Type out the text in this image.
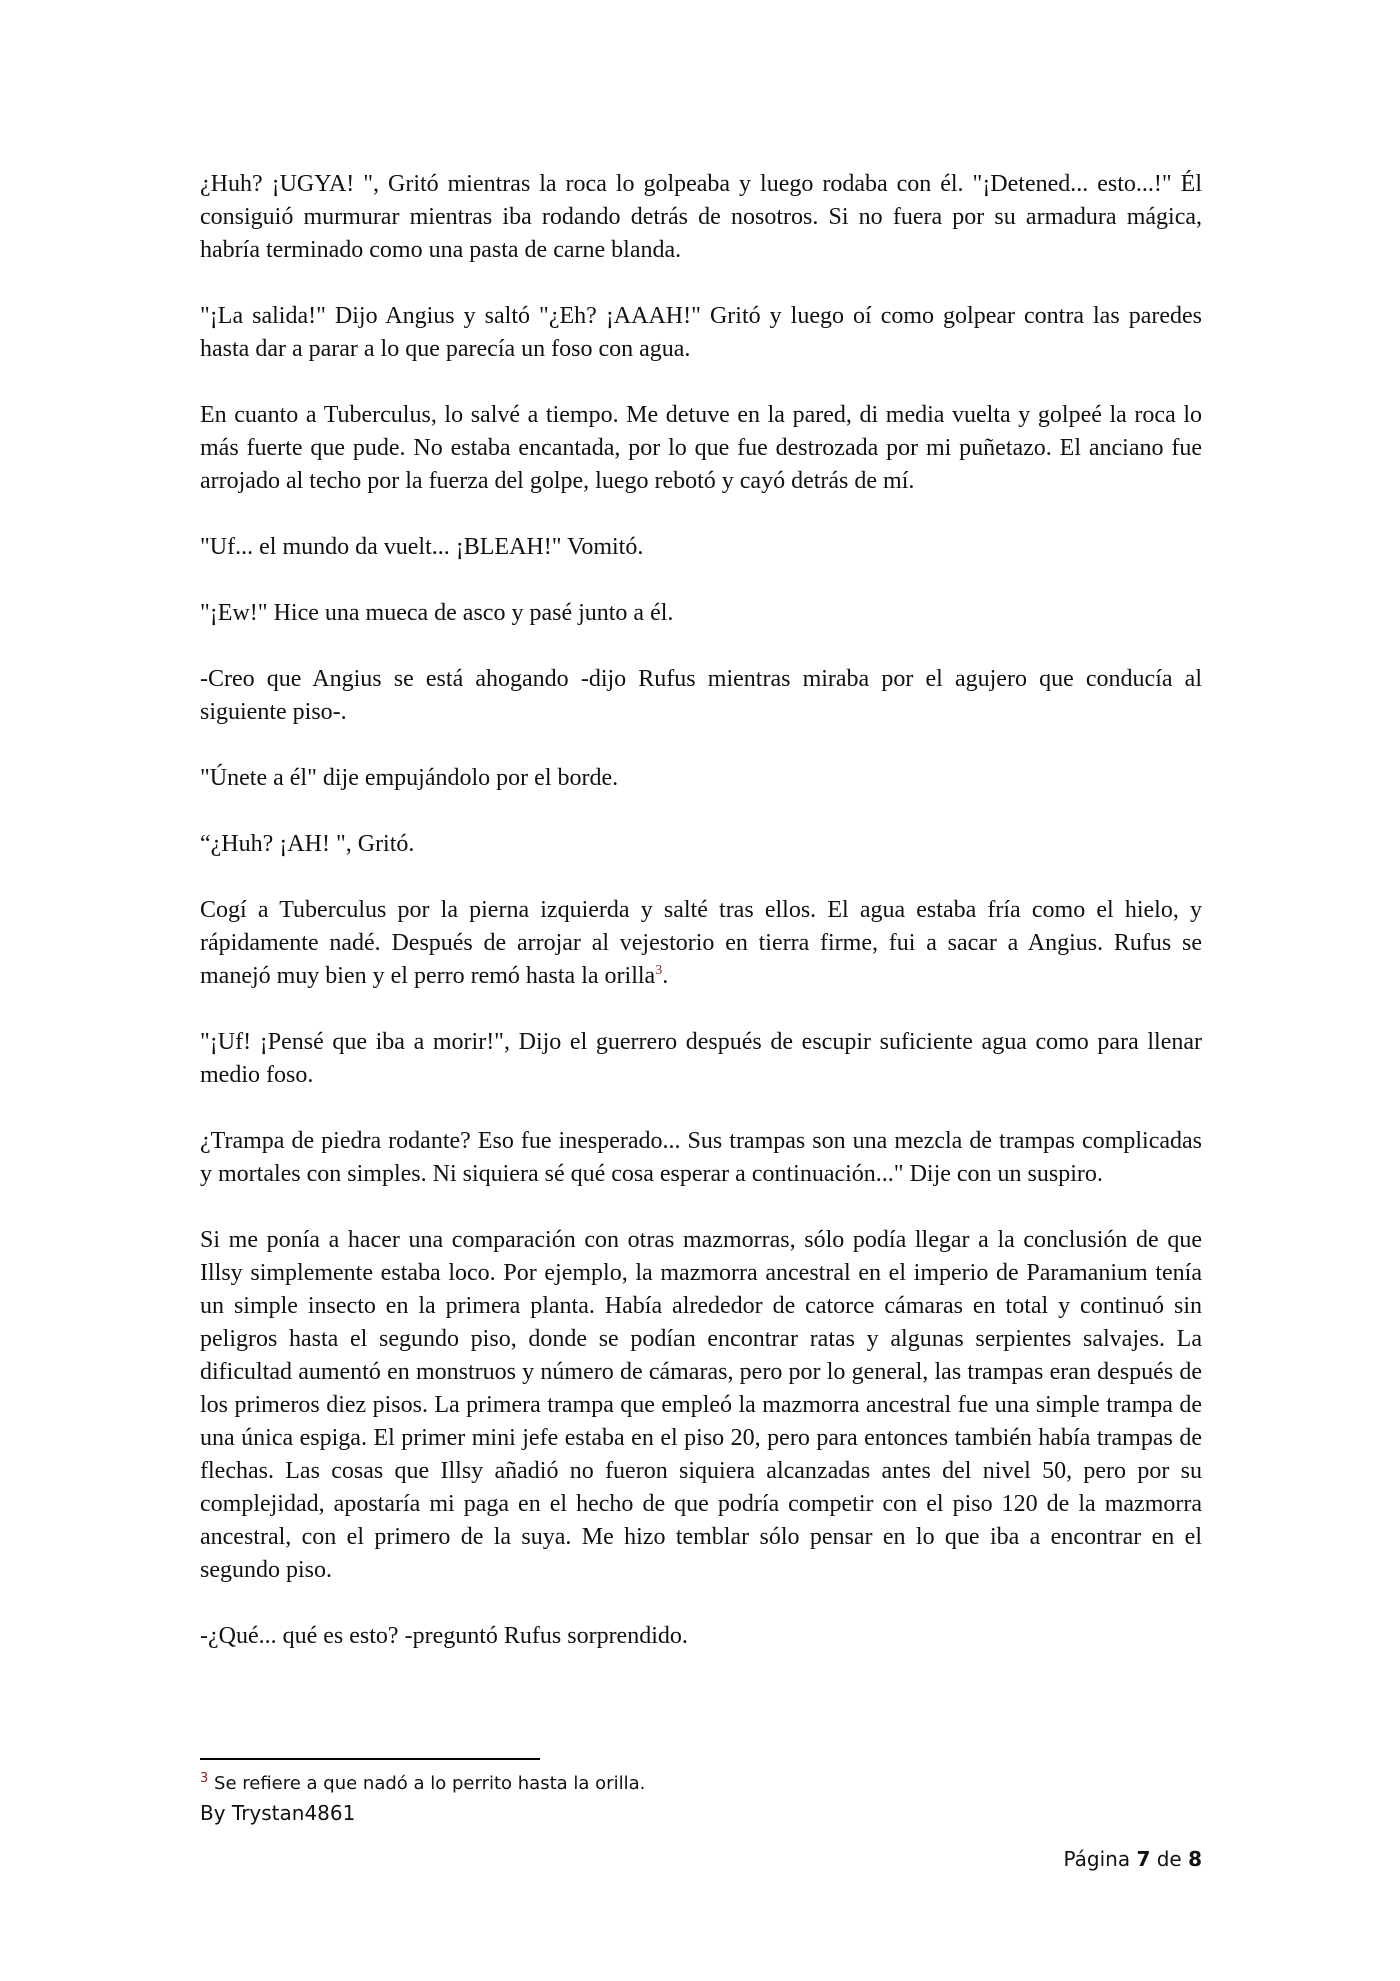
¿Huh? ¡UGYA! ", Gritó mientras la roca lo golpeaba y luego rodaba con él. "¡Detened... esto...!" Él consiguió murmurar mientras iba rodando detrás de nosotros. Si no fuera por su armadura mágica, habría terminado como una pasta de carne blanda.

"¡La salida!" Dijo Angius y saltó "¿Eh? ¡AAAH!" Gritó y luego oí como golpear contra las paredes hasta dar a parar a lo que parecía un foso con agua.

En cuanto a Tuberculus, lo salvé a tiempo. Me detuve en la pared, di media vuelta y golpeé la roca lo más fuerte que pude. No estaba encantada, por lo que fue destrozada por mi puñetazo. El anciano fue arrojado al techo por la fuerza del golpe, luego rebotó y cayó detrás de mí.

"Uf... el mundo da vuelt... ¡BLEAH!" Vomitó.

"¡Ew!" Hice una mueca de asco y pasé junto a él.

-Creo que Angius se está ahogando -dijo Rufus mientras miraba por el agujero que conducía al siguiente piso-.

"Únete a él" dije empujándolo por el borde.

“¿Huh? ¡AH! ", Gritó.

Cogí a Tuberculus por la pierna izquierda y salté tras ellos. El agua estaba fría como el hielo, y rápidamente nadé. Después de arrojar al vejestorio en tierra firme, fui a sacar a Angius. Rufus se manejó muy bien y el perro remó hasta la orilla$^3$.

"¡Uf! ¡Pensé que iba a morir!", Dijo el guerrero después de escupir suficiente agua como para llenar medio foso.

¿Trampa de piedra rodante? Eso fue inesperado... Sus trampas son una mezcla de trampas complicadas y mortales con simples. Ni siquiera sé qué cosa esperar a continuación..." Dije con un suspiro.

Si me ponía a hacer una comparación con otras mazmorras, sólo podía llegar a la conclusión de que Illsy simplemente estaba loco. Por ejemplo, la mazmorra ancestral en el imperio de Paramanium tenía un simple insecto en la primera planta. Había alrededor de catorce cámaras en total y continuó sin peligros hasta el segundo piso, donde se podían encontrar ratas y algunas serpientes salvajes. La dificultad aumentó en monstruos y número de cámaras, pero por lo general, las trampas eran después de los primeros diez pisos. La primera trampa que empleó la mazmorra ancestral fue una simple trampa de una única espiga. El primer mini jefe estaba en el piso 20, pero para entonces también había trampas de flechas. Las cosas que Illsy añadió no fueron siquiera alcanzadas antes del nivel 50, pero por su complejidad, apostaría mi paga en el hecho de que podría competir con el piso 120 de la mazmorra ancestral, con el primero de la suya. Me hizo temblar sólo pensar en lo que iba a encontrar en el segundo piso.

-¿Qué... qué es esto? -preguntó Rufus sorprendido.

$^3$ Se refiere a que nadó a lo perrito hasta la orilla.
By Trystan4861
Página 7 de 8
